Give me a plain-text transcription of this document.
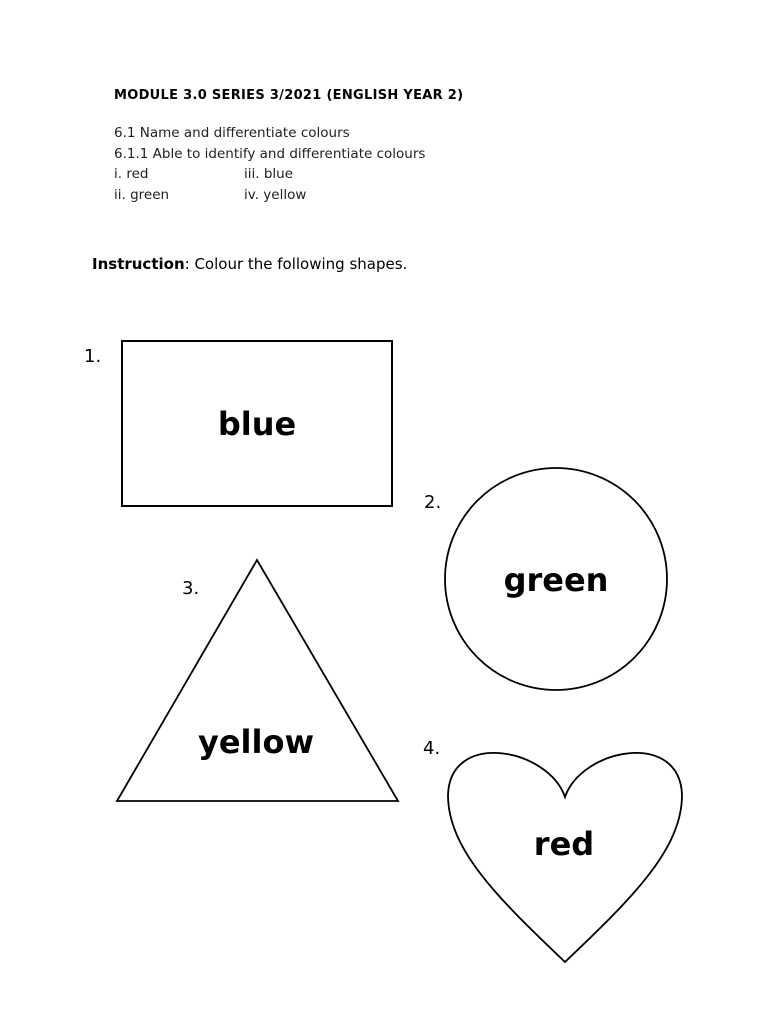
MODULE 3.0 SERIES 3/2021 (ENGLISH YEAR 2)
6.1 Name and differentiate colours
6.1.1 Able to identify and differentiate colours
i. red	iii. blue
ii. green	iv. yellow
Instruction: Colour the following shapes.
1.
blue
2.
green
3.
yellow	4.
red
